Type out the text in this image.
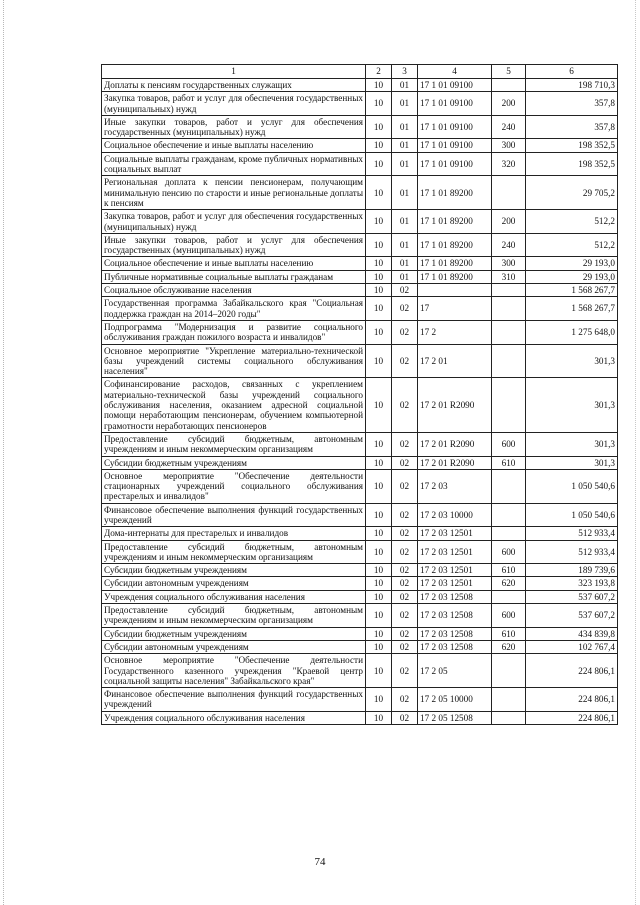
1	2	3	4	5	6
Доплаты к пенсиям государственных служащих	10	01	17 1 01 09100		198 710,3
Закупка товаров, работ и услуг для обеспечения государственных (муниципальных) нужд	10	01	17 1 01 09100	200	357,8
Иные закупки товаров, работ и услуг для обеспечения государственных (муниципальных) нужд	10	01	17 1 01 09100	240	357,8
Социальное обеспечение и иные выплаты населению	10	01	17 1 01 09100	300	198 352,5
Социальные выплаты гражданам, кроме публичных нормативных социальных выплат	10	01	17 1 01 09100	320	198 352,5
Региональная доплата к пенсии пенсионерам, получающим минимальную пенсию по старости и иные региональные доплаты к пенсиям	10	01	17 1 01 89200		29 705,2
Закупка товаров, работ и услуг для обеспечения государственных (муниципальных) нужд	10	01	17 1 01 89200	200	512,2
Иные закупки товаров, работ и услуг для обеспечения государственных (муниципальных) нужд	10	01	17 1 01 89200	240	512,2
Социальное обеспечение и иные выплаты населению	10	01	17 1 01 89200	300	29 193,0
Публичные нормативные социальные выплаты гражданам	10	01	17 1 01 89200	310	29 193,0
Социальное обслуживание населения	10	02			1 568 267,7
Государственная программа Забайкальского края "Социальная поддержка граждан на 2014–2020 годы"	10	02	17		1 568 267,7
Подпрограмма "Модернизация и развитие социального обслуживания граждан пожилого возраста и инвалидов"	10	02	17 2		1 275 648,0
Основное мероприятие "Укрепление материально-технической базы учреждений системы социального обслуживания населения"	10	02	17 2 01		301,3
Софинансирование расходов, связанных с укреплением материально-технической базы учреждений социального обслуживания населения, оказанием адресной социальной помощи неработающим пенсионерам, обучением компьютерной грамотности неработающих пенсионеров	10	02	17 2 01 R2090		301,3
Предоставление субсидий бюджетным, автономным учреждениям и иным некоммерческим организациям	10	02	17 2 01 R2090	600	301,3
Субсидии бюджетным учреждениям	10	02	17 2 01 R2090	610	301,3
Основное мероприятие "Обеспечение деятельности стационарных учреждений социального обслуживания престарелых и инвалидов"	10	02	17 2 03		1 050 540,6
Финансовое обеспечение выполнения функций государственных учреждений	10	02	17 2 03 10000		1 050 540,6
Дома-интернаты для престарелых и инвалидов	10	02	17 2 03 12501		512 933,4
Предоставление субсидий бюджетным, автономным учреждениям и иным некоммерческим организациям	10	02	17 2 03 12501	600	512 933,4
Субсидии бюджетным учреждениям	10	02	17 2 03 12501	610	189 739,6
Субсидии автономным учреждениям	10	02	17 2 03 12501	620	323 193,8
Учреждения социального обслуживания населения	10	02	17 2 03 12508		537 607,2
Предоставление субсидий бюджетным, автономным учреждениям и иным некоммерческим организациям	10	02	17 2 03 12508	600	537 607,2
Субсидии бюджетным учреждениям	10	02	17 2 03 12508	610	434 839,8
Субсидии автономным учреждениям	10	02	17 2 03 12508	620	102 767,4
Основное мероприятие "Обеспечение деятельности Государственного казенного учреждения "Краевой центр социальной защиты населения" Забайкальского края"	10	02	17 2 05		224 806,1
Финансовое обеспечение выполнения функций государственных учреждений	10	02	17 2 05 10000		224 806,1
Учреждения социального обслуживания населения	10	02	17 2 05 12508		224 806,1
74
